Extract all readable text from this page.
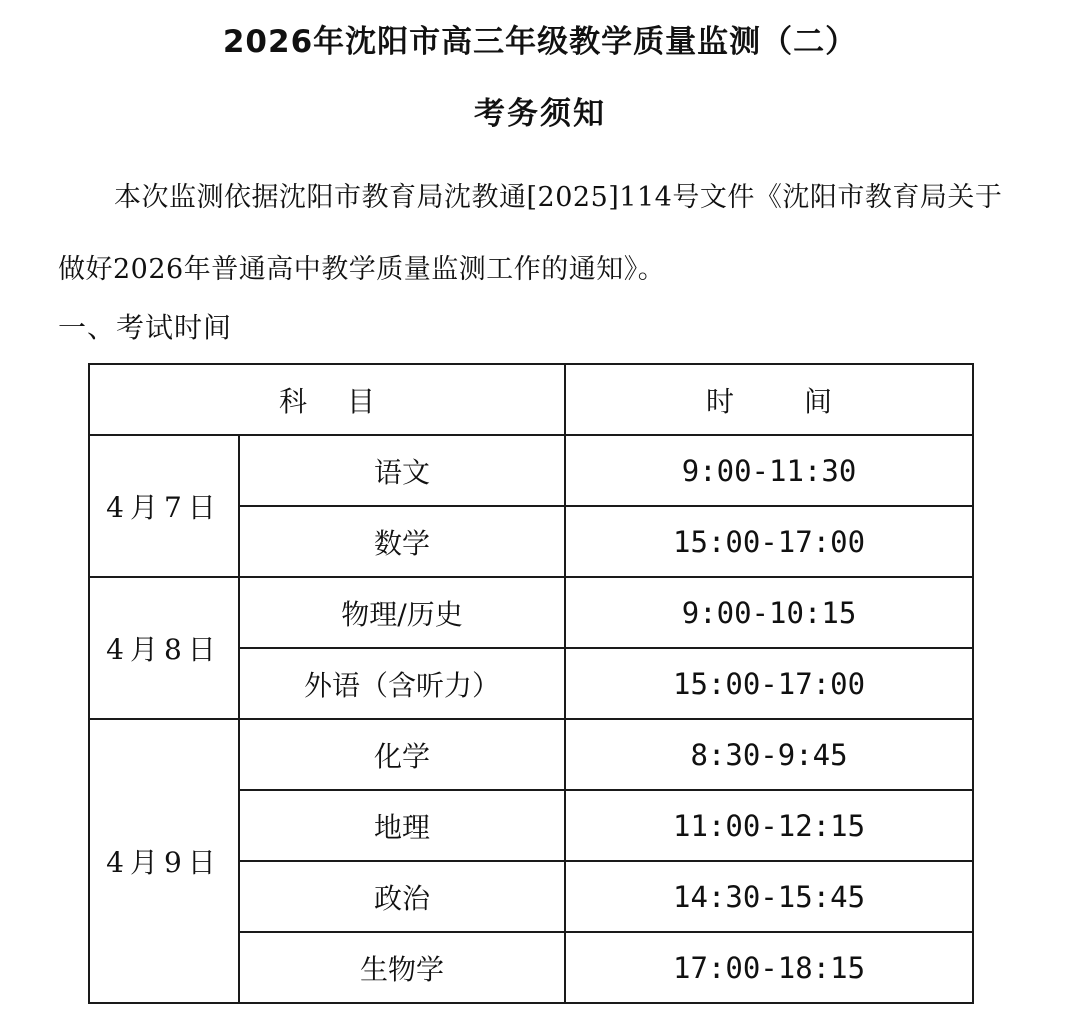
2026年沈阳市高三年级教学质量监测（二）
考务须知
本次监测依据沈阳市教育局沈教通[2025]114号文件《沈阳市教育局关于做好2026年普通高中教学质量监测工作的通知》。
一、考试时间
科目		时间
4月7日	语文	9:00-11:30
	数学	15:00-17:00
4月8日	物理/历史	9:00-10:15
	外语（含听力）	15:00-17:00
4月9日	化学	8:30-9:45
	地理	11:00-12:15
	政治	14:30-15:45
	生物学	17:00-18:15
